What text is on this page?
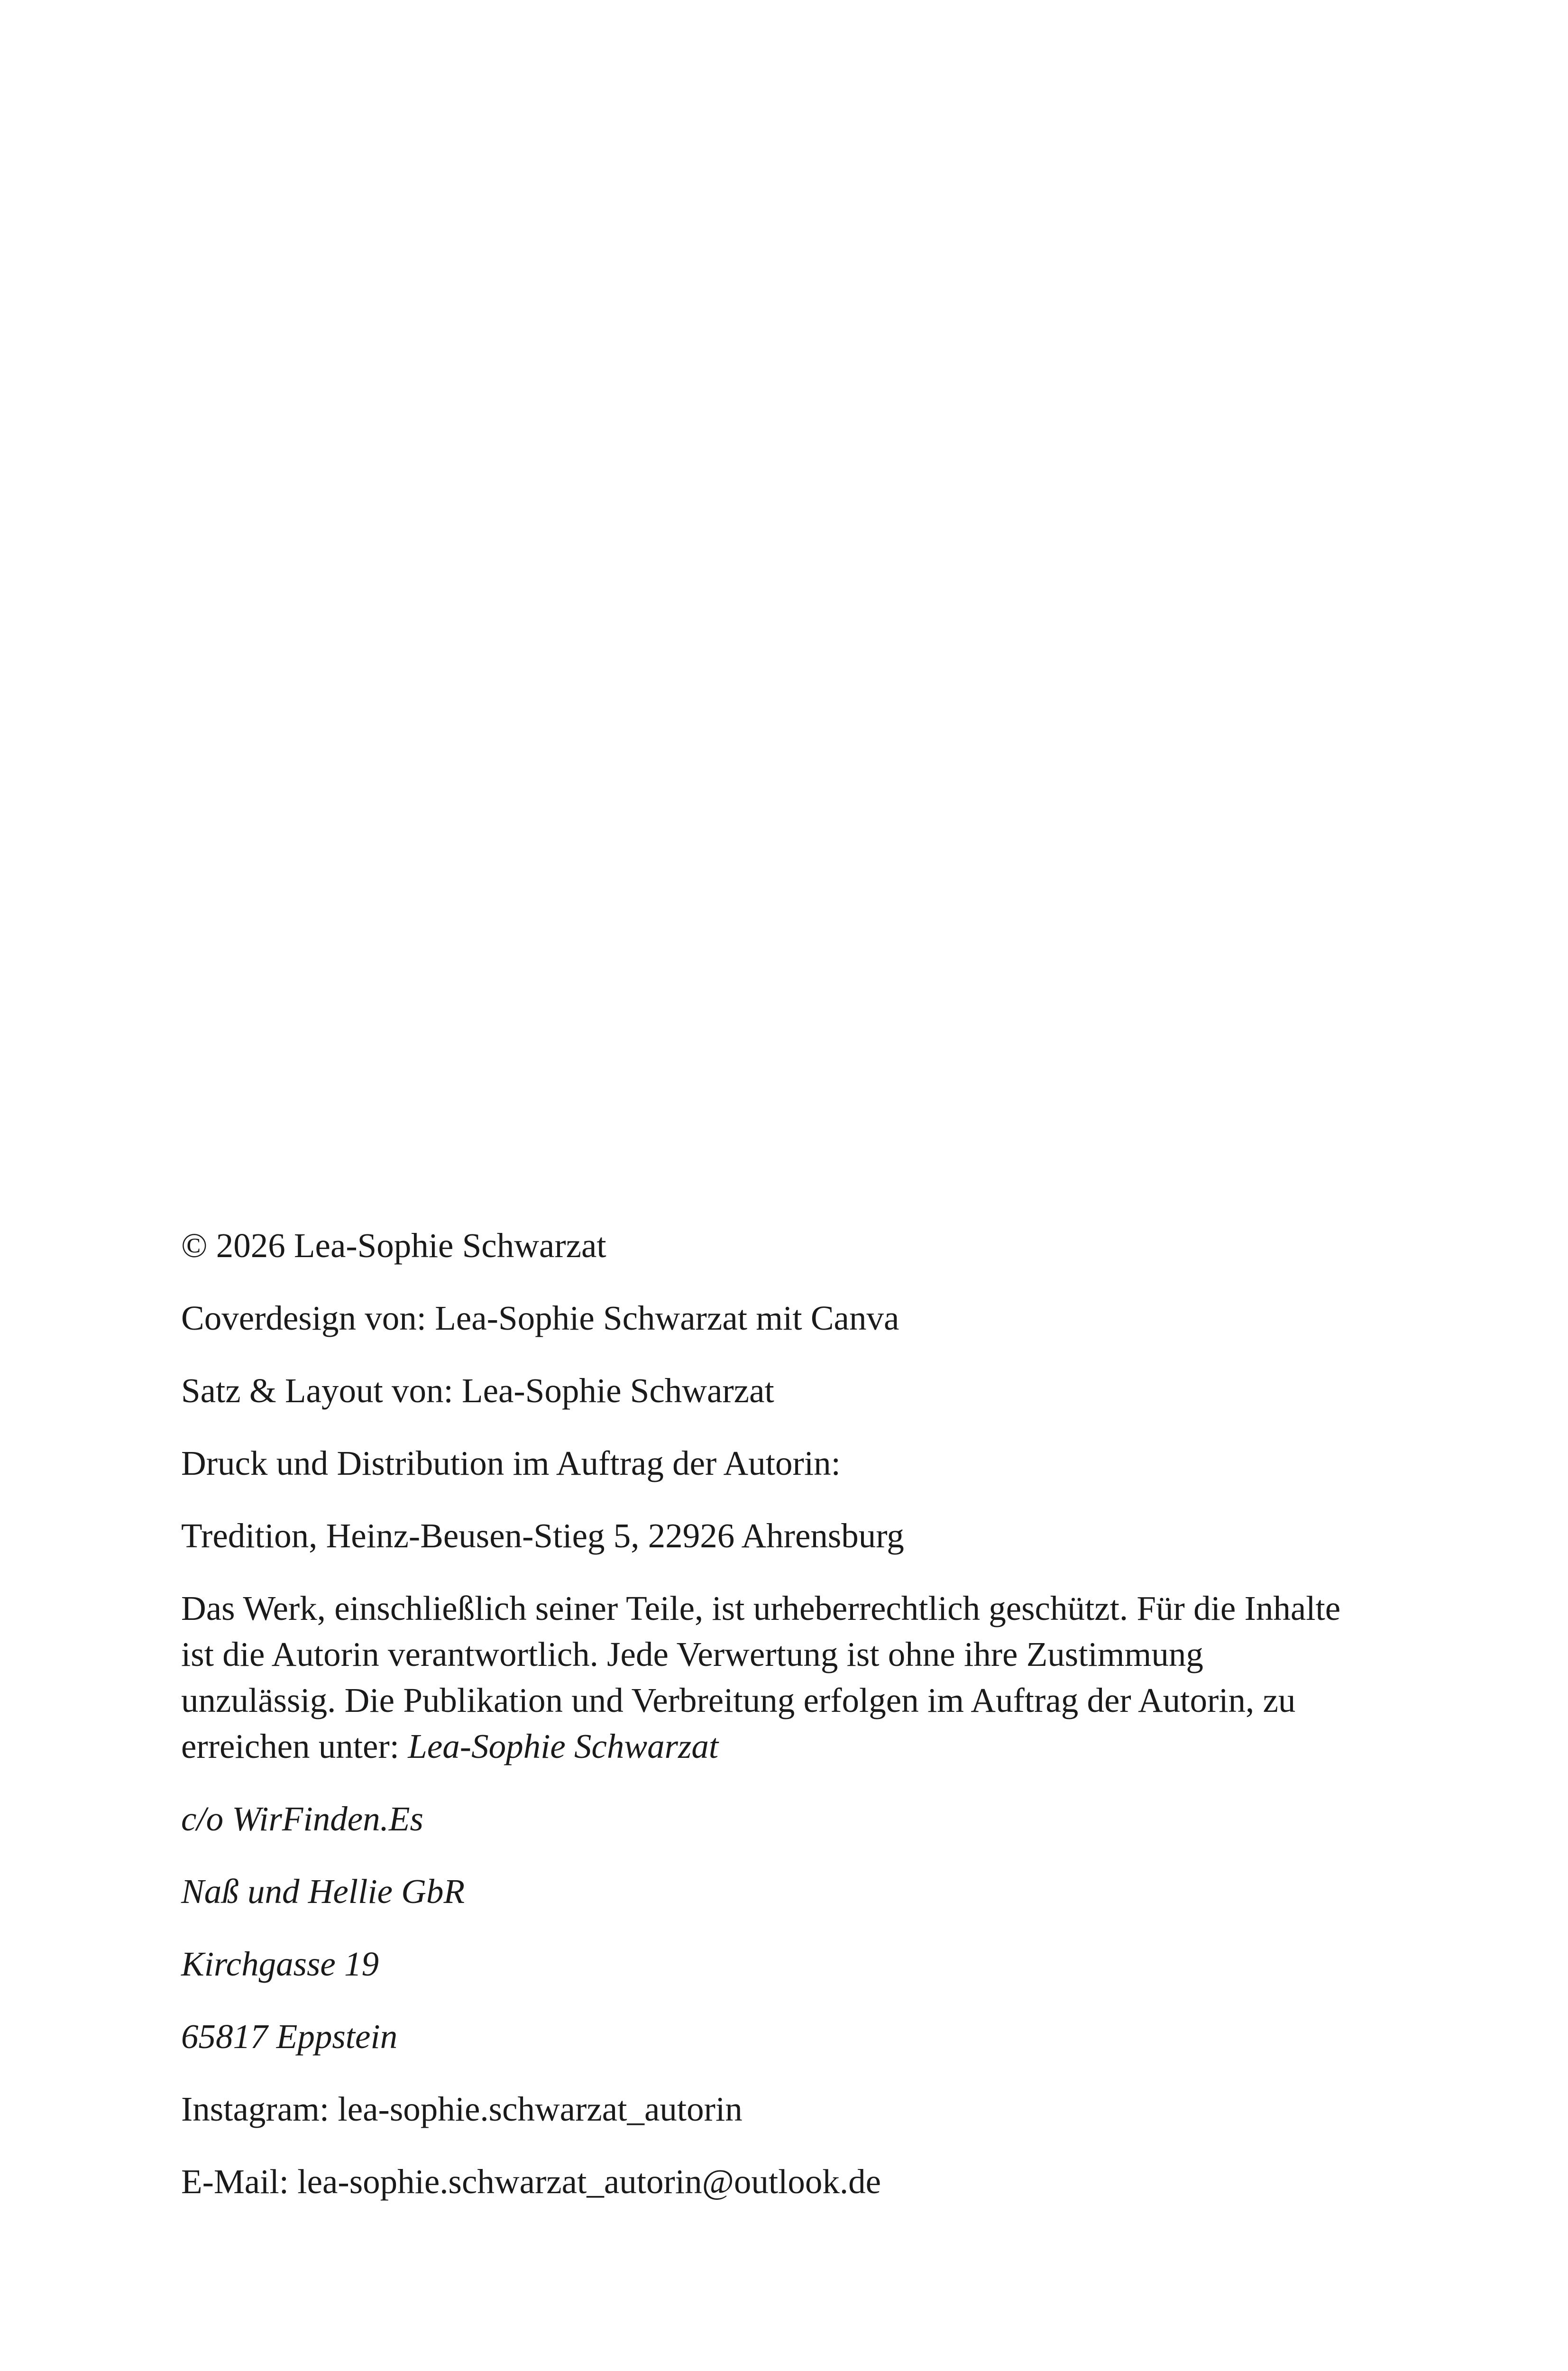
© 2026 Lea-Sophie Schwarzat

Coverdesign von: Lea-Sophie Schwarzat mit Canva

Satz & Layout von: Lea-Sophie Schwarzat

Druck und Distribution im Auftrag der Autorin:

Tredition, Heinz-Beusen-Stieg 5, 22926 Ahrensburg

Das Werk, einschließlich seiner Teile, ist urheberrechtlich geschützt. Für die Inhalte ist die Autorin verantwortlich. Jede Verwertung ist ohne ihre Zustimmung unzulässig. Die Publikation und Verbreitung erfolgen im Auftrag der Autorin, zu erreichen unter: Lea-Sophie Schwarzat

c/o WirFinden.Es

Naß und Hellie GbR

Kirchgasse 19

65817 Eppstein

Instagram: lea-sophie.schwarzat_autorin

E-Mail: lea-sophie.schwarzat_autorin@outlook.de
